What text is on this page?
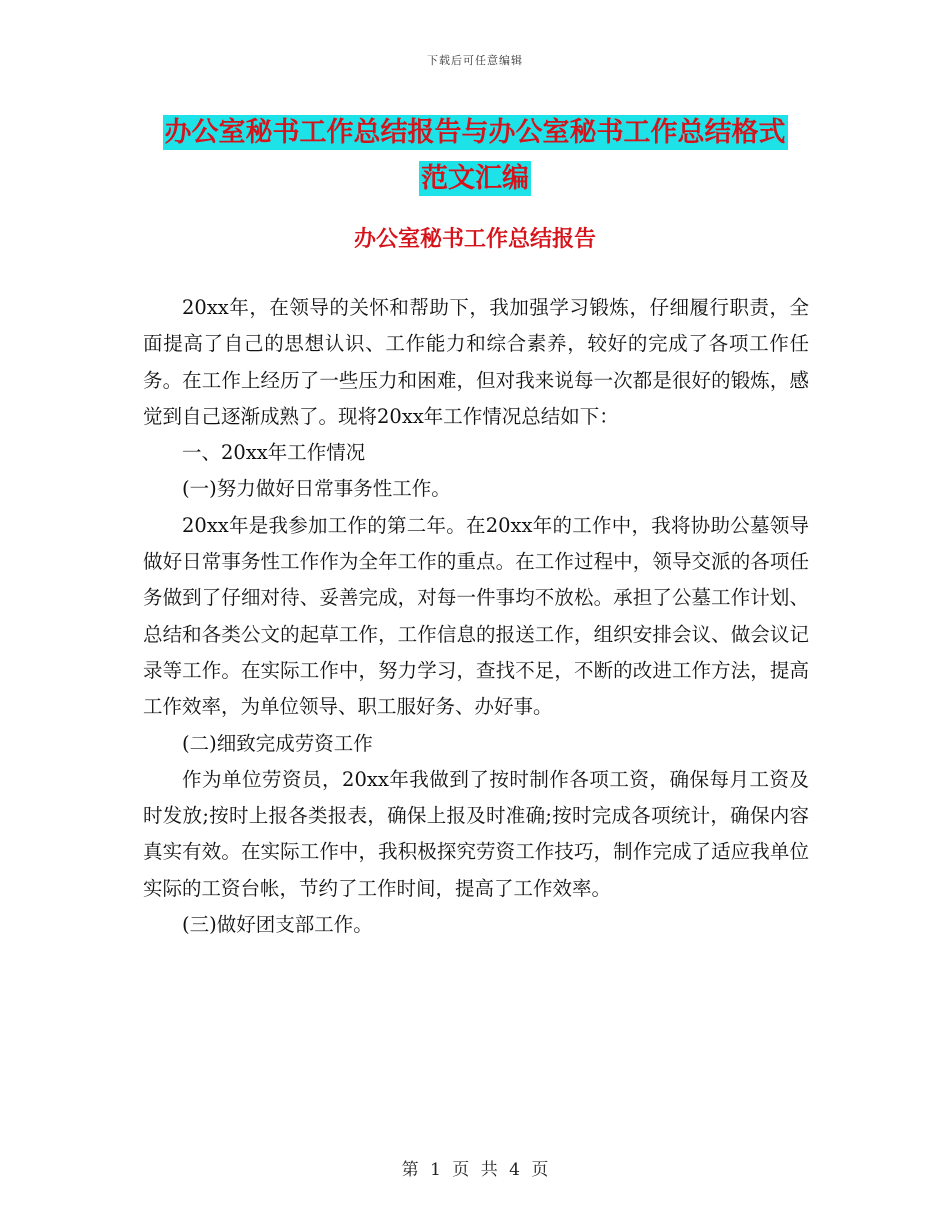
下载后可任意编辑
办公室秘书工作总结报告与办公室秘书工作总结格式
范文汇编
办公室秘书工作总结报告

20xx年，在领导的关怀和帮助下，我加强学习锻炼，仔细履行职责，全面提高了自己的思想认识、工作能力和综合素养，较好的完成了各项工作任务。在工作上经历了一些压力和困难，但对我来说每一次都是很好的锻炼，感觉到自己逐渐成熟了。现将20xx年工作情况总结如下：

一、20xx年工作情况

(一)努力做好日常事务性工作。

20xx年是我参加工作的第二年。在20xx年的工作中，我将协助公墓领导做好日常事务性工作作为全年工作的重点。在工作过程中，领导交派的各项任务做到了仔细对待、妥善完成，对每一件事均不放松。承担了公墓工作计划、总结和各类公文的起草工作，工作信息的报送工作，组织安排会议、做会议记录等工作。在实际工作中，努力学习，查找不足，不断的改进工作方法，提高工作效率，为单位领导、职工服好务、办好事。

(二)细致完成劳资工作

作为单位劳资员，20xx年我做到了按时制作各项工资，确保每月工资及时发放;按时上报各类报表，确保上报及时准确;按时完成各项统计，确保内容真实有效。在实际工作中，我积极探究劳资工作技巧，制作完成了适应我单位实际的工资台帐，节约了工作时间，提高了工作效率。

(三)做好团支部工作。

第 1 页 共 4 页
